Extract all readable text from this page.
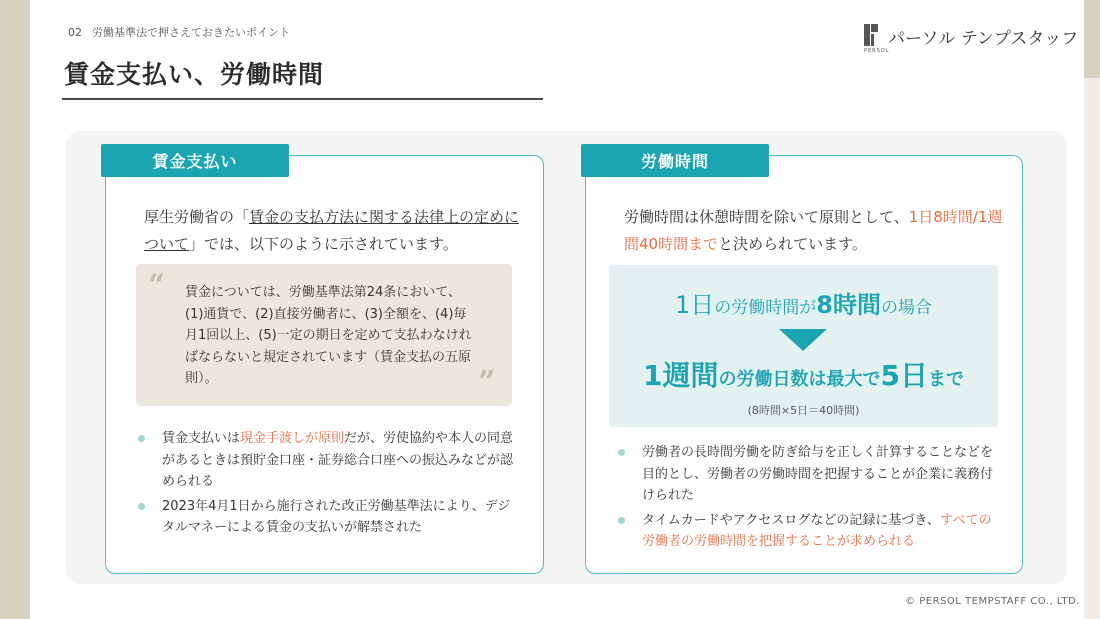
02 労働基準法で押さえておきたいポイント
賃金支払い、労働時間
PERSOL
パーソル テンプスタッフ
賃金支払い
厚生労働省の「賃金の支払方法に関する法律上の定めについて」では、以下のように示されています。
“
”
賃金については、労働基準法第24条において、(1)通貨で、(2)直接労働者に、(3)全額を、(4)毎月1回以上、(5)一定の期日を定めて支払わなければならないと規定されています（賃金支払の五原則）。
賃金支払いは現金手渡しが原則だが、労使協約や本人の同意があるときは預貯金口座・証券総合口座への振込みなどが認められる
2023年4月1日から施行された改正労働基準法により、デジタルマネーによる賃金の支払いが解禁された
労働時間
労働時間は休憩時間を除いて原則として、1日8時間/1週間40時間までと決められています。
1日の労働時間が8時間の場合
1週間の労働日数は最大で5日まで
(8時間×5日＝40時間)
労働者の長時間労働を防ぎ給与を正しく計算することなどを目的とし、労働者の労働時間を把握することが企業に義務付けられた
タイムカードやアクセスログなどの記録に基づき、すべての労働者の労働時間を把握することが求められる
© PERSOL TEMPSTAFF CO., LTD.
